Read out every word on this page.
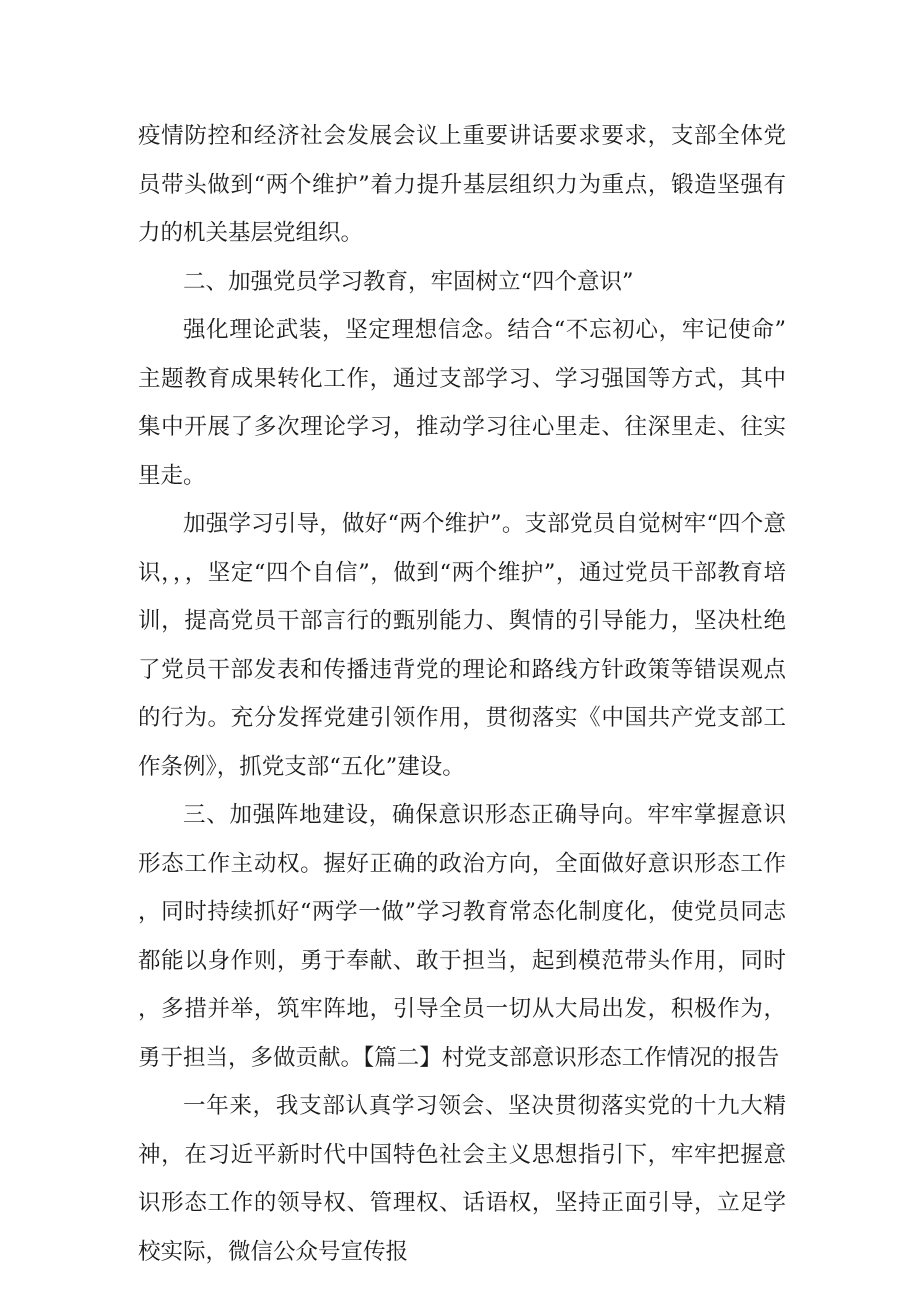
疫情防控和经济社会发展会议上重要讲话要求要求，支部全体党员带头做到“两个维护”着力提升基层组织力为重点，锻造坚强有力的机关基层党组织。

二、加强党员学习教育，牢固树立“四个意识”

强化理论武装，坚定理想信念。结合“不忘初心，牢记使命”主题教育成果转化工作，通过支部学习、学习强国等方式，其中集中开展了多次理论学习，推动学习往心里走、往深里走、往实里走。

加强学习引导，做好“两个维护”。支部党员自觉树牢“四个意识，，，坚定“四个自信”，做到“两个维护”，通过党员干部教育培训，提高党员干部言行的甄别能力、舆情的引导能力，坚决杜绝了党员干部发表和传播违背党的理论和路线方针政策等错误观点的行为。充分发挥党建引领作用，贯彻落实《中国共产党支部工作条例》，抓党支部“五化”建设。

三、加强阵地建设，确保意识形态正确导向。牢牢掌握意识形态工作主动权。握好正确的政治方向，全面做好意识形态工作，同时持续抓好“两学一做”学习教育常态化制度化，使党员同志都能以身作则，勇于奉献、敢于担当，起到模范带头作用，同时，多措并举，筑牢阵地，引导全员一切从大局出发，积极作为，勇于担当，多做贡献。【篇二】村党支部意识形态工作情况的报告

一年来，我支部认真学习领会、坚决贯彻落实党的十九大精神，在习近平新时代中国特色社会主义思想指引下，牢牢把握意识形态工作的领导权、管理权、话语权，坚持正面引导，立足学校实际，微信公众号宣传报
